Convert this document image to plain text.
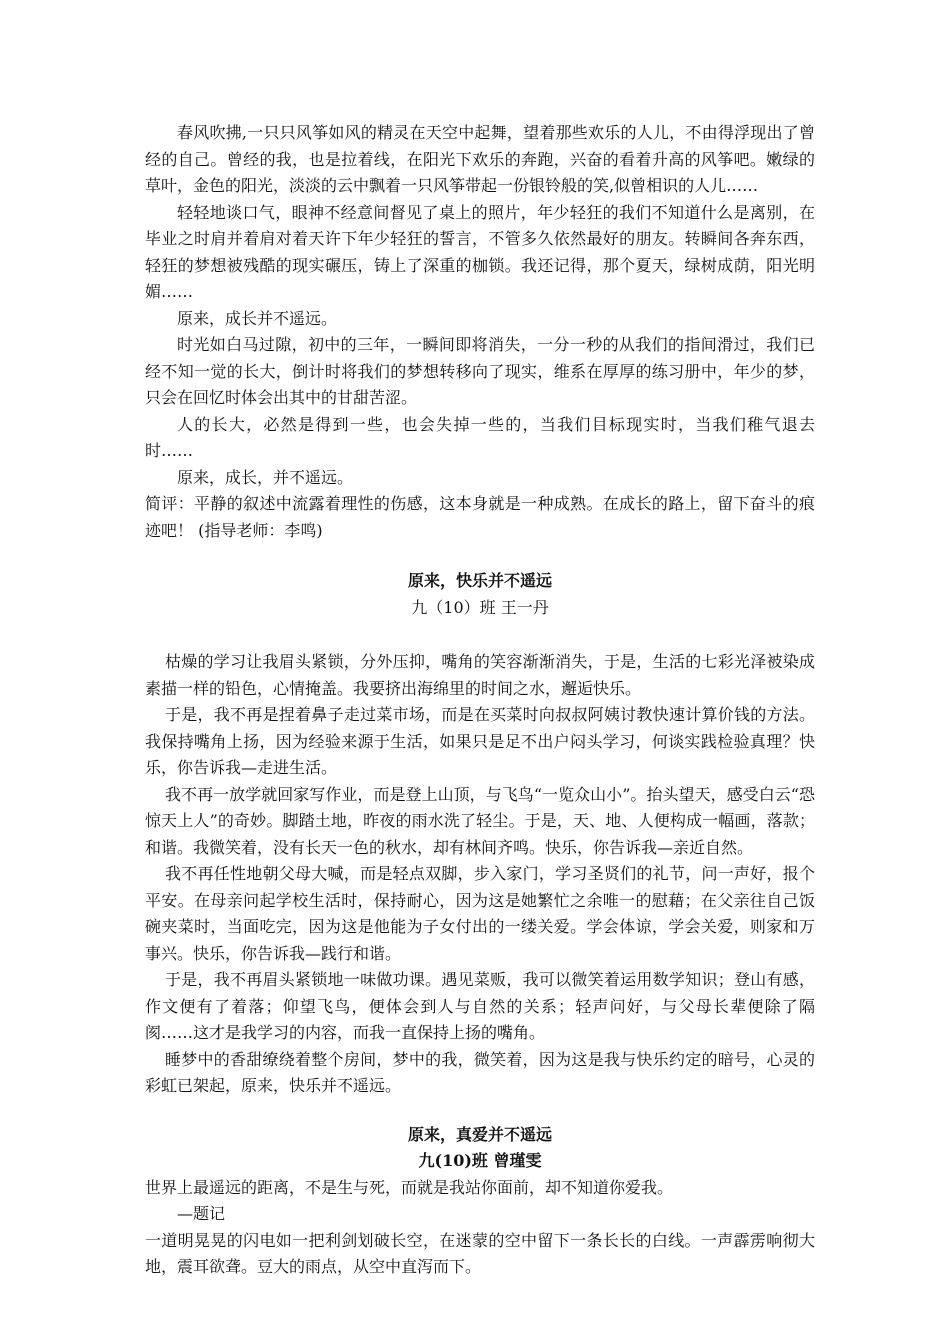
春风吹拂,一只只风筝如风的精灵在天空中起舞，望着那些欢乐的人儿，不由得浮现出了曾经的自己。曾经的我，也是拉着线，在阳光下欢乐的奔跑，兴奋的看着升高的风筝吧。嫩绿的草叶，金色的阳光，淡淡的云中飘着一只风筝带起一份银铃般的笑,似曾相识的人儿……

轻轻地谈口气，眼神不经意间督见了桌上的照片，年少轻狂的我们不知道什么是离别，在毕业之时肩并着肩对着天许下年少轻狂的誓言，不管多久依然最好的朋友。转瞬间各奔东西，轻狂的梦想被残酷的现实碾压，铸上了深重的枷锁。我还记得，那个夏天，绿树成荫，阳光明媚……

原来，成长并不遥远。

时光如白马过隙，初中的三年，一瞬间即将消失，一分一秒的从我们的指间滑过，我们已经不知一觉的长大，倒计时将我们的梦想转移向了现实，维系在厚厚的练习册中，年少的梦，只会在回忆时体会出其中的甘甜苦涩。

人的长大，必然是得到一些，也会失掉一些的，当我们目标现实时，当我们稚气退去时……

原来，成长，并不遥远。

简评：平静的叙述中流露着理性的伤感，这本身就是一种成熟。在成长的路上，留下奋斗的痕迹吧！ (指导老师：李鸣)

原来，快乐并不遥远

九（10）班 王一丹

枯燥的学习让我眉头紧锁，分外压抑，嘴角的笑容渐渐消失，于是，生活的七彩光泽被染成素描一样的铅色，心情掩盖。我要挤出海绵里的时间之水，邂逅快乐。

于是，我不再是捏着鼻子走过菜市场，而是在买菜时向叔叔阿姨讨教快速计算价钱的方法。我保持嘴角上扬，因为经验来源于生活，如果只是足不出户闷头学习，何谈实践检验真理？快乐，你告诉我—走进生活。

我不再一放学就回家写作业，而是登上山顶，与飞鸟“一览众山小”。抬头望天，感受白云“恐惊天上人”的奇妙。脚踏土地，昨夜的雨水洗了轻尘。于是，天、地、人便构成一幅画，落款；和谐。我微笑着，没有长天一色的秋水，却有林间齐鸣。快乐，你告诉我—亲近自然。

我不再任性地朝父母大喊，而是轻点双脚，步入家门，学习圣贤们的礼节，问一声好，报个平安。在母亲问起学校生活时，保持耐心，因为这是她繁忙之余唯一的慰藉；在父亲往自己饭碗夹菜时，当面吃完，因为这是他能为子女付出的一缕关爱。学会体谅，学会关爱，则家和万事兴。快乐，你告诉我—践行和谐。

于是，我不再眉头紧锁地一味做功课。遇见菜贩，我可以微笑着运用数学知识；登山有感，作文便有了着落；仰望飞鸟，便体会到人与自然的关系；轻声问好，与父母长辈便除了隔阂……这才是我学习的内容，而我一直保持上扬的嘴角。

睡梦中的香甜缭绕着整个房间，梦中的我，微笑着，因为这是我与快乐约定的暗号，心灵的彩虹已架起，原来，快乐并不遥远。

原来，真爱并不遥远

九(10)班 曾瑾雯

世界上最遥远的距离，不是生与死，而就是我站你面前，却不知道你爱我。

—题记

一道明晃晃的闪电如一把利剑划破长空，在迷蒙的空中留下一条长长的白线。一声霹雳响彻大地，震耳欲聋。豆大的雨点，从空中直泻而下。
